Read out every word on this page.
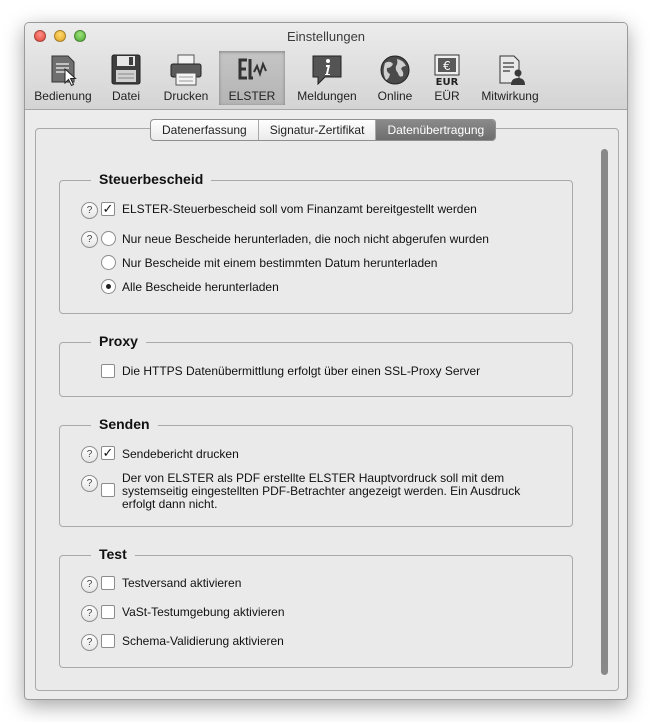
Einstellungen
Bedienung	Datei	Drucken	ELSTER	Meldungen	Online
€
EUR
EÜR	Mitwirkung
Datenerfassung	Signatur-Zertifikat	Datenübertragung
Steuerbescheid
? ✓ ELSTER-Steuerbescheid soll vom Finanzamt bereitgestellt werden
?	Nur neue Bescheide herunterladen, die noch nicht abgerufen wurden
Nur Bescheide mit einem bestimmten Datum herunterladen
Alle Bescheide herunterladen
Proxy
Die HTTPS Datenübermittlung erfolgt über einen SSL-Proxy Server
Senden
? ✓ Sendebericht drucken
?	Der von ELSTER als PDF erstellte ELSTER Hauptvordruck soll mit dem systemseitig eingestellten PDF-Betrachter angezeigt werden. Ein Ausdruck erfolgt dann nicht.
Test
?	Testversand aktivieren
?	VaSt-Testumgebung aktivieren
?	Schema-Validierung aktivieren
